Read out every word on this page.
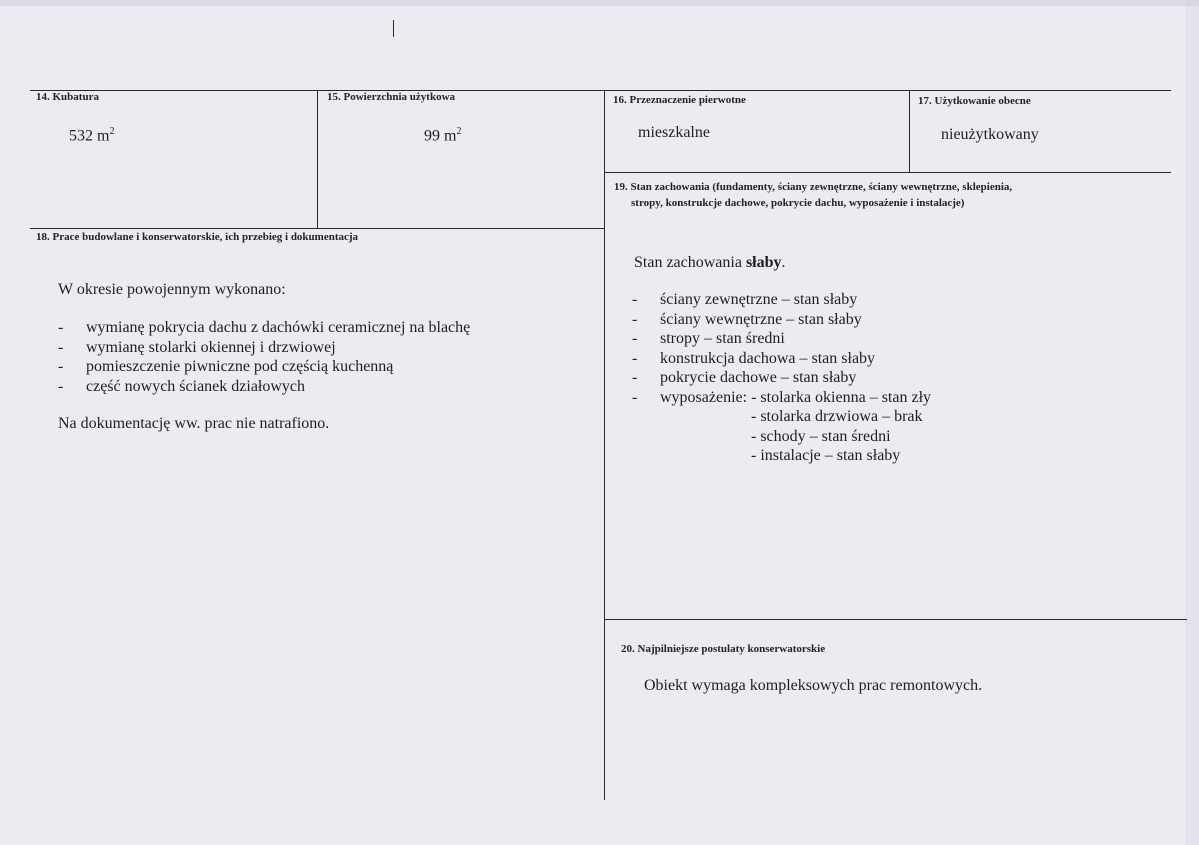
14. Kubatura
532 $m^2$
15. Powierzchnia użytkowa
99 $m^2$
16. Przeznaczenie pierwotne
mieszkalne
17. Użytkowanie obecne
nieużytkowany
18. Prace budowlane i konserwatorskie, ich przebieg i dokumentacja
W okresie powojennym wykonano:
- wymianę pokrycia dachu z dachówki ceramicznej na blachę
- wymianę stolarki okiennej i drzwiowej
- pomieszczenie piwniczne pod częścią kuchenną
- część nowych ścianek działowych
Na dokumentację ww. prac nie natrafiono.
19. Stan zachowania (fundamenty, ściany zewnętrzne, ściany wewnętrzne, sklepienia,
stropy, konstrukcje dachowe, pokrycie dachu, wyposażenie i instalacje)
Stan zachowania słaby.
- ściany zewnętrzne – stan słaby
- ściany wewnętrzne – stan słaby
- stropy – stan średni
- konstrukcja dachowa – stan słaby
- pokrycie dachowe – stan słaby
- wyposażenie: - stolarka okienna – stan zły
- stolarka drzwiowa – brak
- schody – stan średni
- instalacje – stan słaby
20. Najpilniejsze postulaty konserwatorskie
Obiekt wymaga kompleksowych prac remontowych.
